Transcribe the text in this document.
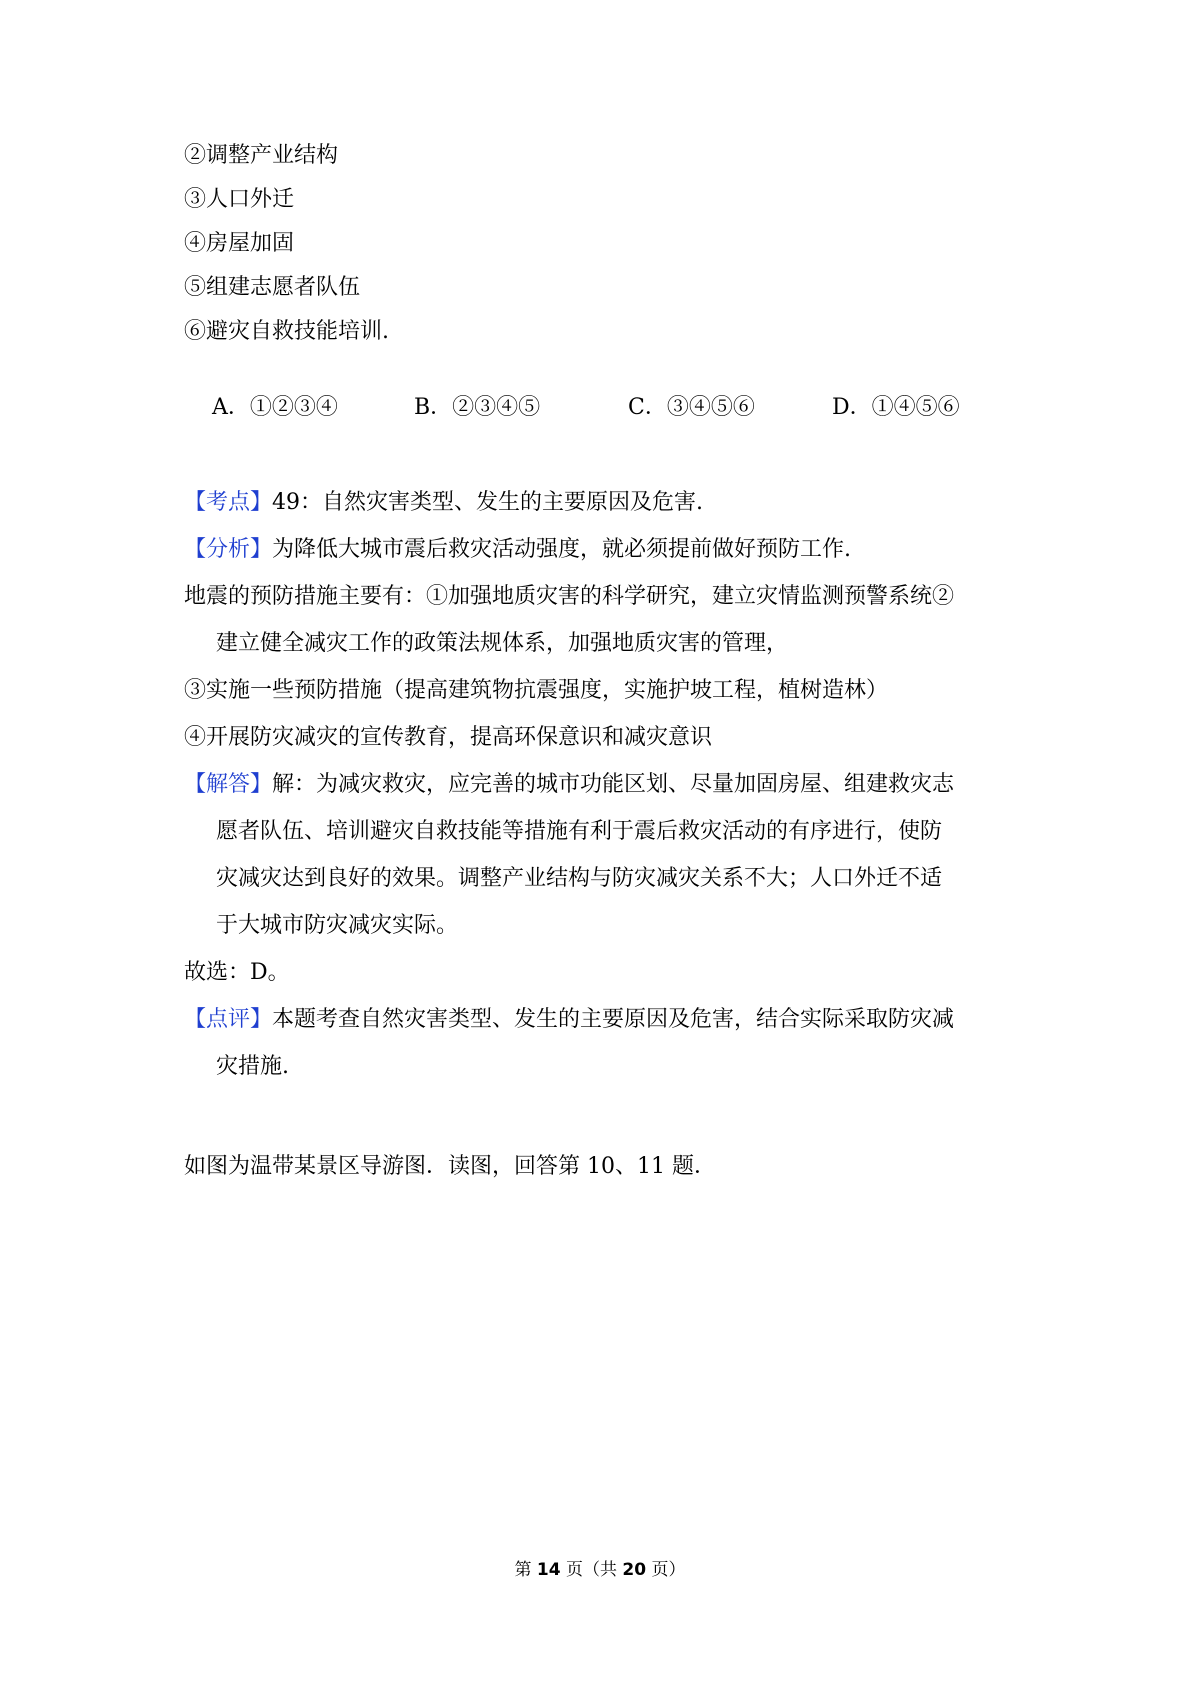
②调整产业结构
③人口外迁
④房屋加固
⑤组建志愿者队伍
⑥避灾自救技能培训.
A．①②③④	B．②③④⑤	C．③④⑤⑥	D．①④⑤⑥
【考点】49：自然灾害类型、发生的主要原因及危害.
【分析】为降低大城市震后救灾活动强度，就必须提前做好预防工作.
地震的预防措施主要有：①加强地质灾害的科学研究，建立灾情监测预警系统②
建立健全减灾工作的政策法规体系，加强地质灾害的管理，
③实施一些预防措施（提高建筑物抗震强度，实施护坡工程，植树造林）
④开展防灾减灾的宣传教育，提高环保意识和减灾意识
【解答】解：为减灾救灾，应完善的城市功能区划、尽量加固房屋、组建救灾志
愿者队伍、培训避灾自救技能等措施有利于震后救灾活动的有序进行，使防
灾减灾达到良好的效果。调整产业结构与防灾减灾关系不大；人口外迁不适
于大城市防灾减灾实际。
故选：D。
【点评】本题考查自然灾害类型、发生的主要原因及危害，结合实际采取防灾减
灾措施.
如图为温带某景区导游图．读图，回答第 10、11 题．
第 14 页（共 20 页）
